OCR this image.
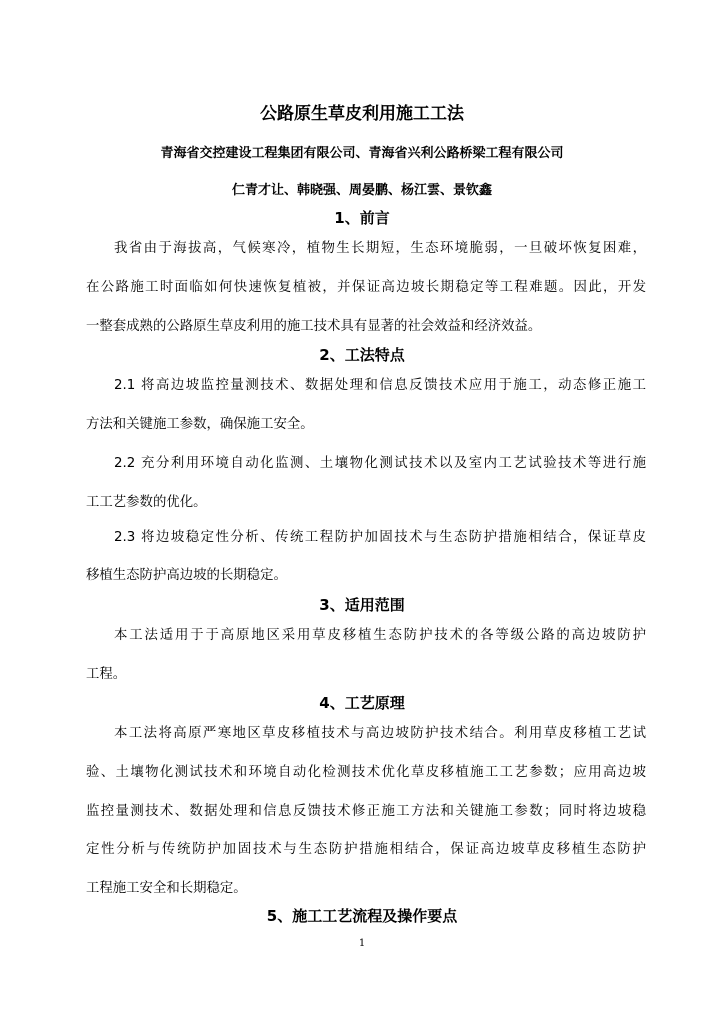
公路原生草皮利用施工工法
青海省交控建设工程集团有限公司、青海省兴利公路桥梁工程有限公司
仁青才让、韩晓强、周晏鹏、杨江雲、景钦鑫
1、前言
我省由于海拔高，气候寒冷，植物生长期短，生态环境脆弱，一旦破坏恢复困难，
在公路施工时面临如何快速恢复植被，并保证高边坡长期稳定等工程难题。因此，开发
一整套成熟的公路原生草皮利用的施工技术具有显著的社会效益和经济效益。
2、工法特点
2.1 将高边坡监控量测技术、数据处理和信息反馈技术应用于施工，动态修正施工
方法和关键施工参数，确保施工安全。
2.2 充分利用环境自动化监测、土壤物化测试技术以及室内工艺试验技术等进行施
工工艺参数的优化。
2.3 将边坡稳定性分析、传统工程防护加固技术与生态防护措施相结合，保证草皮
移植生态防护高边坡的长期稳定。
3、适用范围
本工法适用于于高原地区采用草皮移植生态防护技术的各等级公路的高边坡防护
工程。
4、工艺原理
本工法将高原严寒地区草皮移植技术与高边坡防护技术结合。利用草皮移植工艺试
验、土壤物化测试技术和环境自动化检测技术优化草皮移植施工工艺参数；应用高边坡
监控量测技术、数据处理和信息反馈技术修正施工方法和关键施工参数；同时将边坡稳
定性分析与传统防护加固技术与生态防护措施相结合，保证高边坡草皮移植生态防护
工程施工安全和长期稳定。
5、施工工艺流程及操作要点
1
